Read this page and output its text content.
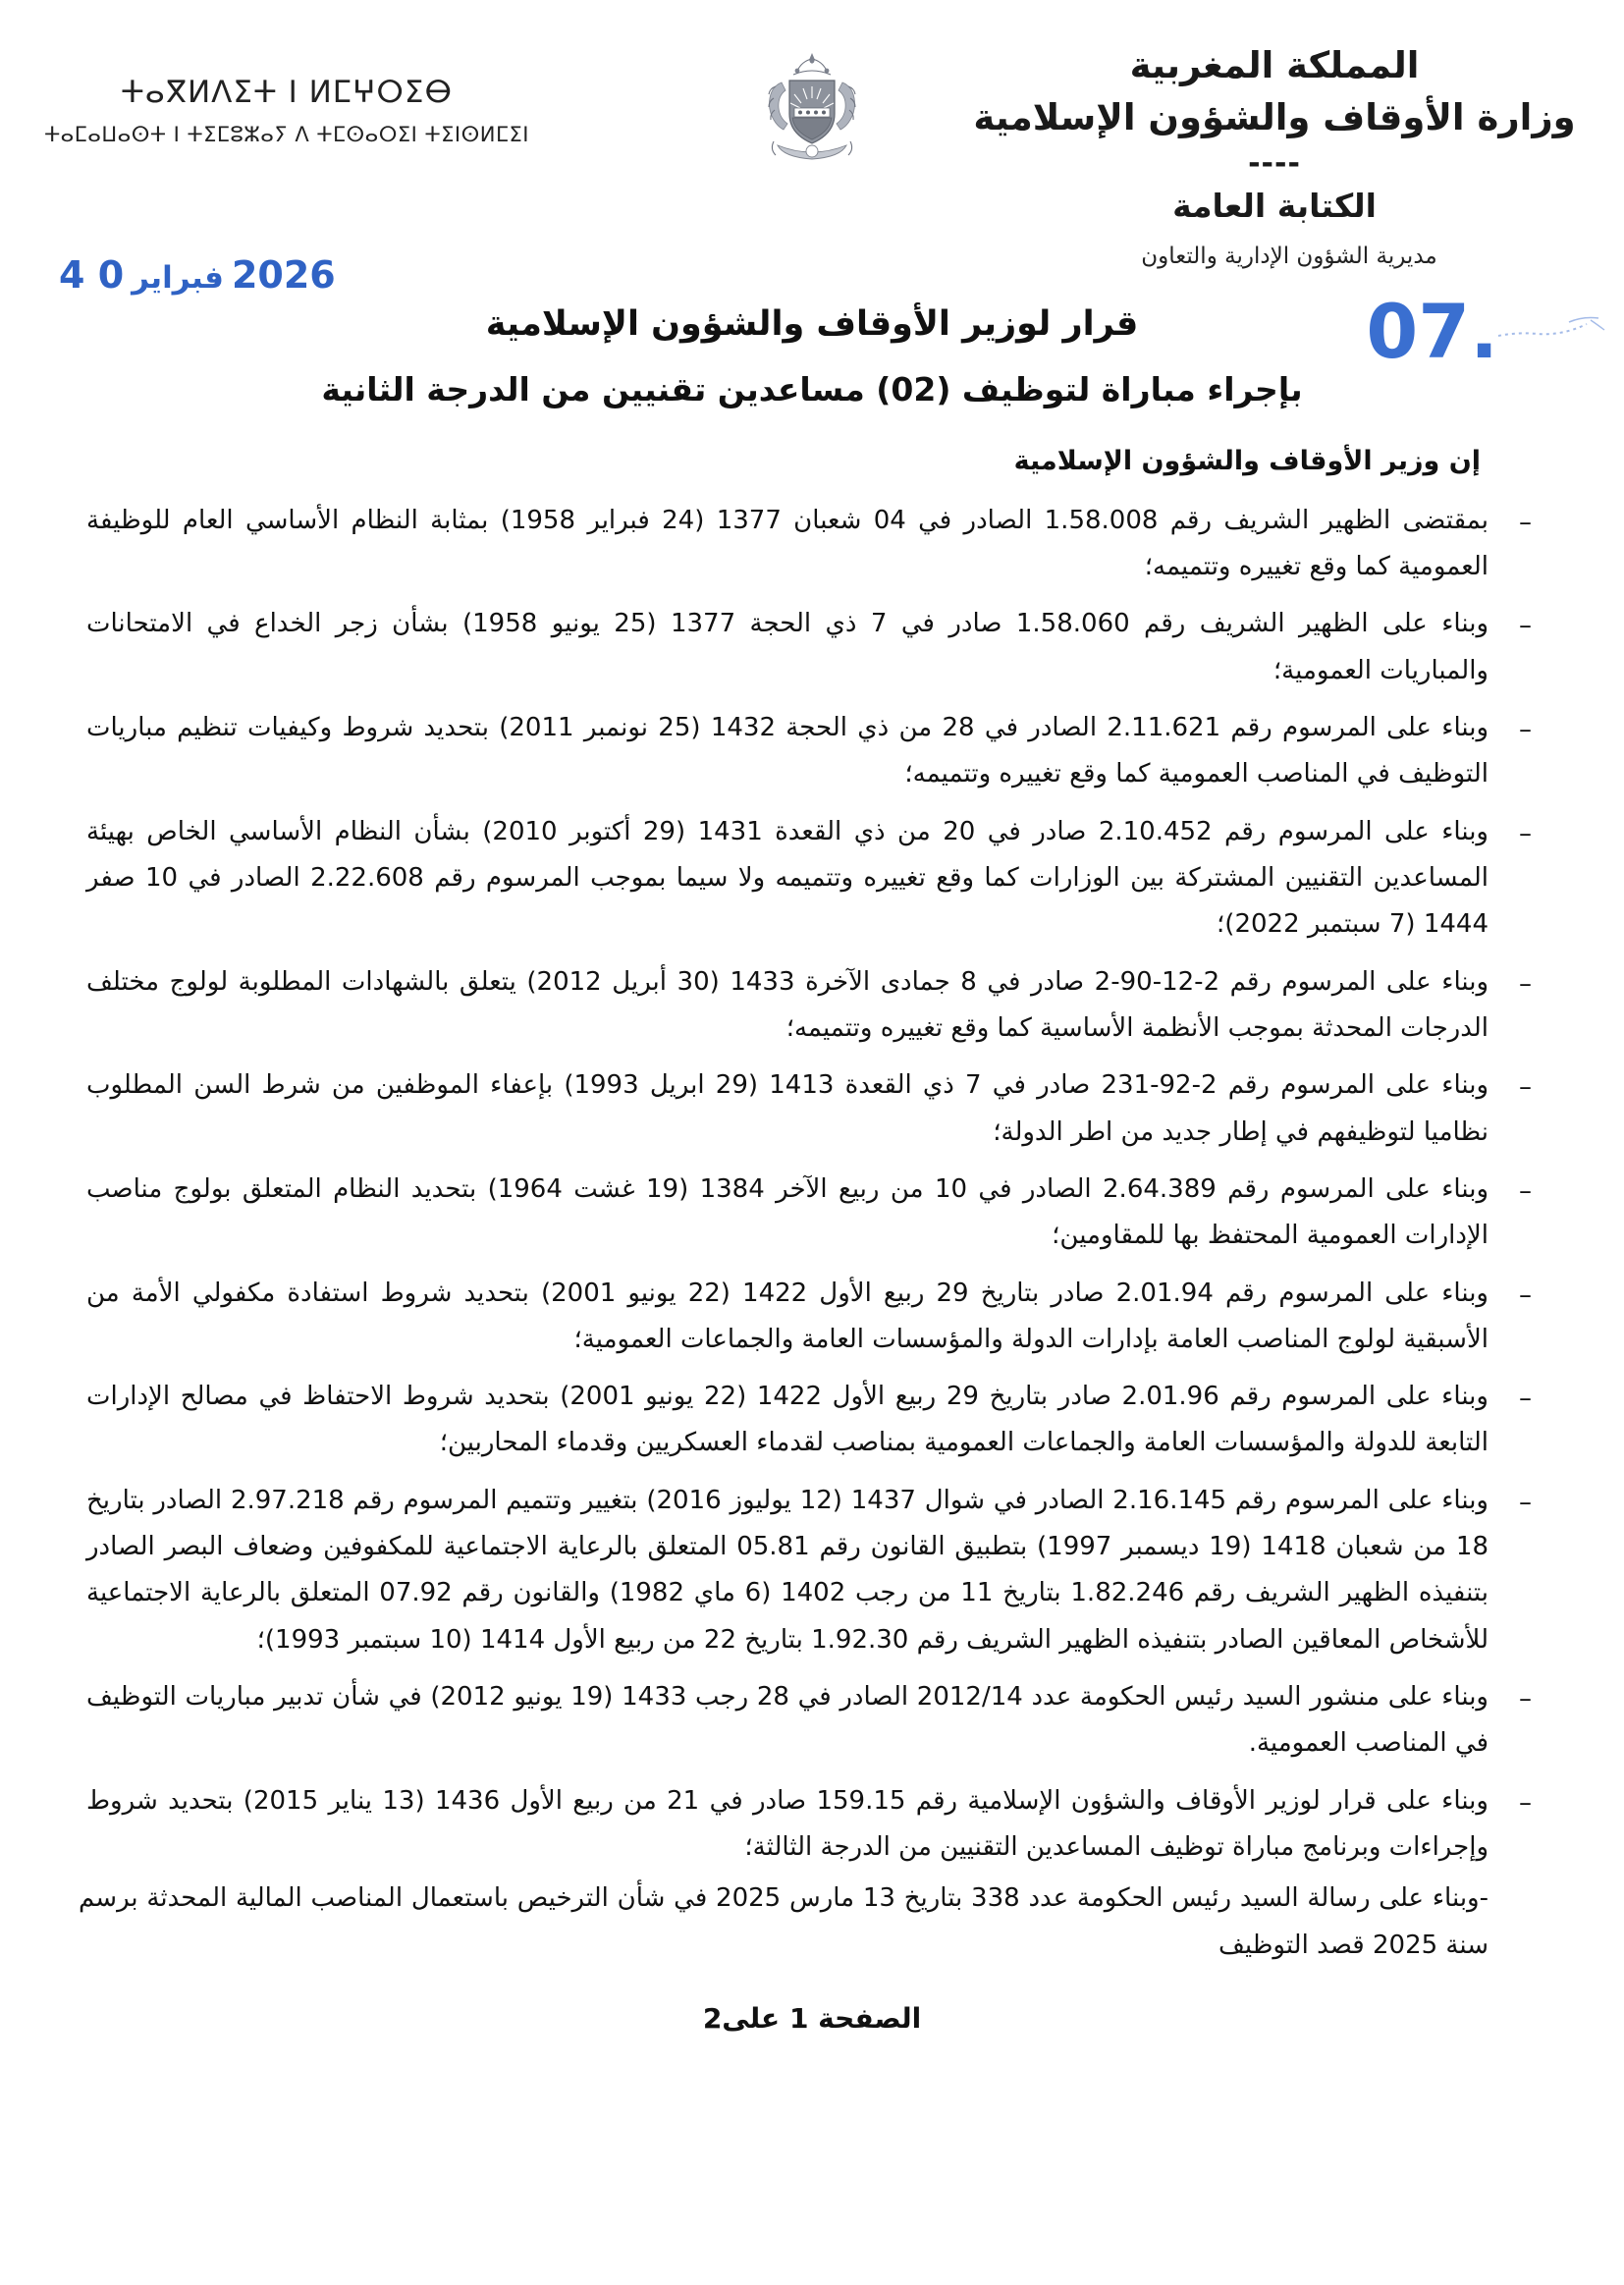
ⵜⴰⴳⵍⴷⵉⵜ ⵏ ⵍⵎⵖⵔⵉⴱ
ⵜⴰⵎⴰⵡⴰⵙⵜ ⵏ ⵜⵉⵎⵓⵣⴰⵢ ⴷ ⵜⵎⵙⴰⵔⵉⵏ ⵜⵉⵏⵙⵍⵎⵉⵏ
المملكة المغربية
وزارة الأوقاف والشؤون الإسلامية
----
الكتابة العامة
مديرية الشؤون الإدارية والتعاون
2026فبراير0 4
07.
قرار لوزير الأوقاف والشؤون الإسلامية
بإجراء مباراة لتوظيف (02) مساعدين تقنيين من الدرجة الثانية
إن وزير الأوقاف والشؤون الإسلامية
–
بمقتضى الظهير الشريف رقم 1.58.008 الصادر في 04 شعبان 1377 (24 فبراير 1958) بمثابة النظام الأساسي العام للوظيفة العمومية كما وقع تغييره وتتميمه؛
–
وبناء على الظهير الشريف رقم 1.58.060 صادر في 7 ذي الحجة 1377 (25 يونيو 1958) بشأن زجر الخداع في الامتحانات والمباريات العمومية؛
–
وبناء على المرسوم رقم 2.11.621 الصادر في 28 من ذي الحجة 1432 (25 نونمبر 2011) بتحديد شروط وكيفيات تنظيم مباريات التوظيف في المناصب العمومية كما وقع تغييره وتتميمه؛
–
وبناء على المرسوم رقم 2.10.452 صادر في 20 من ذي القعدة 1431 (29 أكتوبر 2010) بشأن النظام الأساسي الخاص بهيئة المساعدين التقنيين المشتركة بين الوزارات كما وقع تغييره وتتميمه ولا سيما بموجب المرسوم رقم 2.22.608 الصادر في 10 صفر 1444 (7 سبتمبر 2022)؛
–
وبناء على المرسوم رقم 2-12-90-2 صادر في 8 جمادى الآخرة 1433 (30 أبريل 2012) يتعلق بالشهادات المطلوبة لولوج مختلف الدرجات المحدثة بموجب الأنظمة الأساسية كما وقع تغييره وتتميمه؛
–
وبناء على المرسوم رقم 2-92-231 صادر في 7 ذي القعدة 1413 (29 ابريل 1993) بإعفاء الموظفين من شرط السن المطلوب نظاميا لتوظيفهم في إطار جديد من اطر الدولة؛
–
وبناء على المرسوم رقم 2.64.389 الصادر في 10 من ربيع الآخر 1384 (19 غشت 1964) بتحديد النظام المتعلق بولوج مناصب الإدارات العمومية المحتفظ بها للمقاومين؛
–
وبناء على المرسوم رقم 2.01.94 صادر بتاريخ 29 ربيع الأول 1422 (22 يونيو 2001) بتحديد شروط استفادة مكفولي الأمة من الأسبقية لولوج المناصب العامة بإدارات الدولة والمؤسسات العامة والجماعات العمومية؛
–
وبناء على المرسوم رقم 2.01.96 صادر بتاريخ 29 ربيع الأول 1422 (22 يونيو 2001) بتحديد شروط الاحتفاظ في مصالح الإدارات التابعة للدولة والمؤسسات العامة والجماعات العمومية بمناصب لقدماء العسكريين وقدماء المحاربين؛
–
وبناء على المرسوم رقم 2.16.145 الصادر في شوال 1437 (12 يوليوز 2016) بتغيير وتتميم المرسوم رقم 2.97.218 الصادر بتاريخ 18 من شعبان 1418 (19 ديسمبر 1997) بتطبيق القانون رقم 05.81 المتعلق بالرعاية الاجتماعية للمكفوفين وضعاف البصر الصادر بتنفيذه الظهير الشريف رقم 1.82.246 بتاريخ 11 من رجب 1402 (6 ماي 1982) والقانون رقم 07.92 المتعلق بالرعاية الاجتماعية للأشخاص المعاقين الصادر بتنفيذه الظهير الشريف رقم 1.92.30 بتاريخ 22 من ربيع الأول 1414 (10 سبتمبر 1993)؛
–
وبناء على منشور السيد رئيس الحكومة عدد 2012/14 الصادر في 28 رجب 1433 (19 يونيو 2012) في شأن تدبير مباريات التوظيف في المناصب العمومية.
–
وبناء على قرار لوزير الأوقاف والشؤون الإسلامية رقم 159.15 صادر في 21 من ربيع الأول 1436 (13 يناير 2015) بتحديد شروط وإجراءات وبرنامج مباراة توظيف المساعدين التقنيين من الدرجة الثالثة؛
-وبناء على رسالة السيد رئيس الحكومة عدد 338 بتاريخ 13 مارس 2025 في شأن الترخيص باستعمال المناصب المالية المحدثة برسم سنة 2025 قصد التوظيف
الصفحة 1 على2
